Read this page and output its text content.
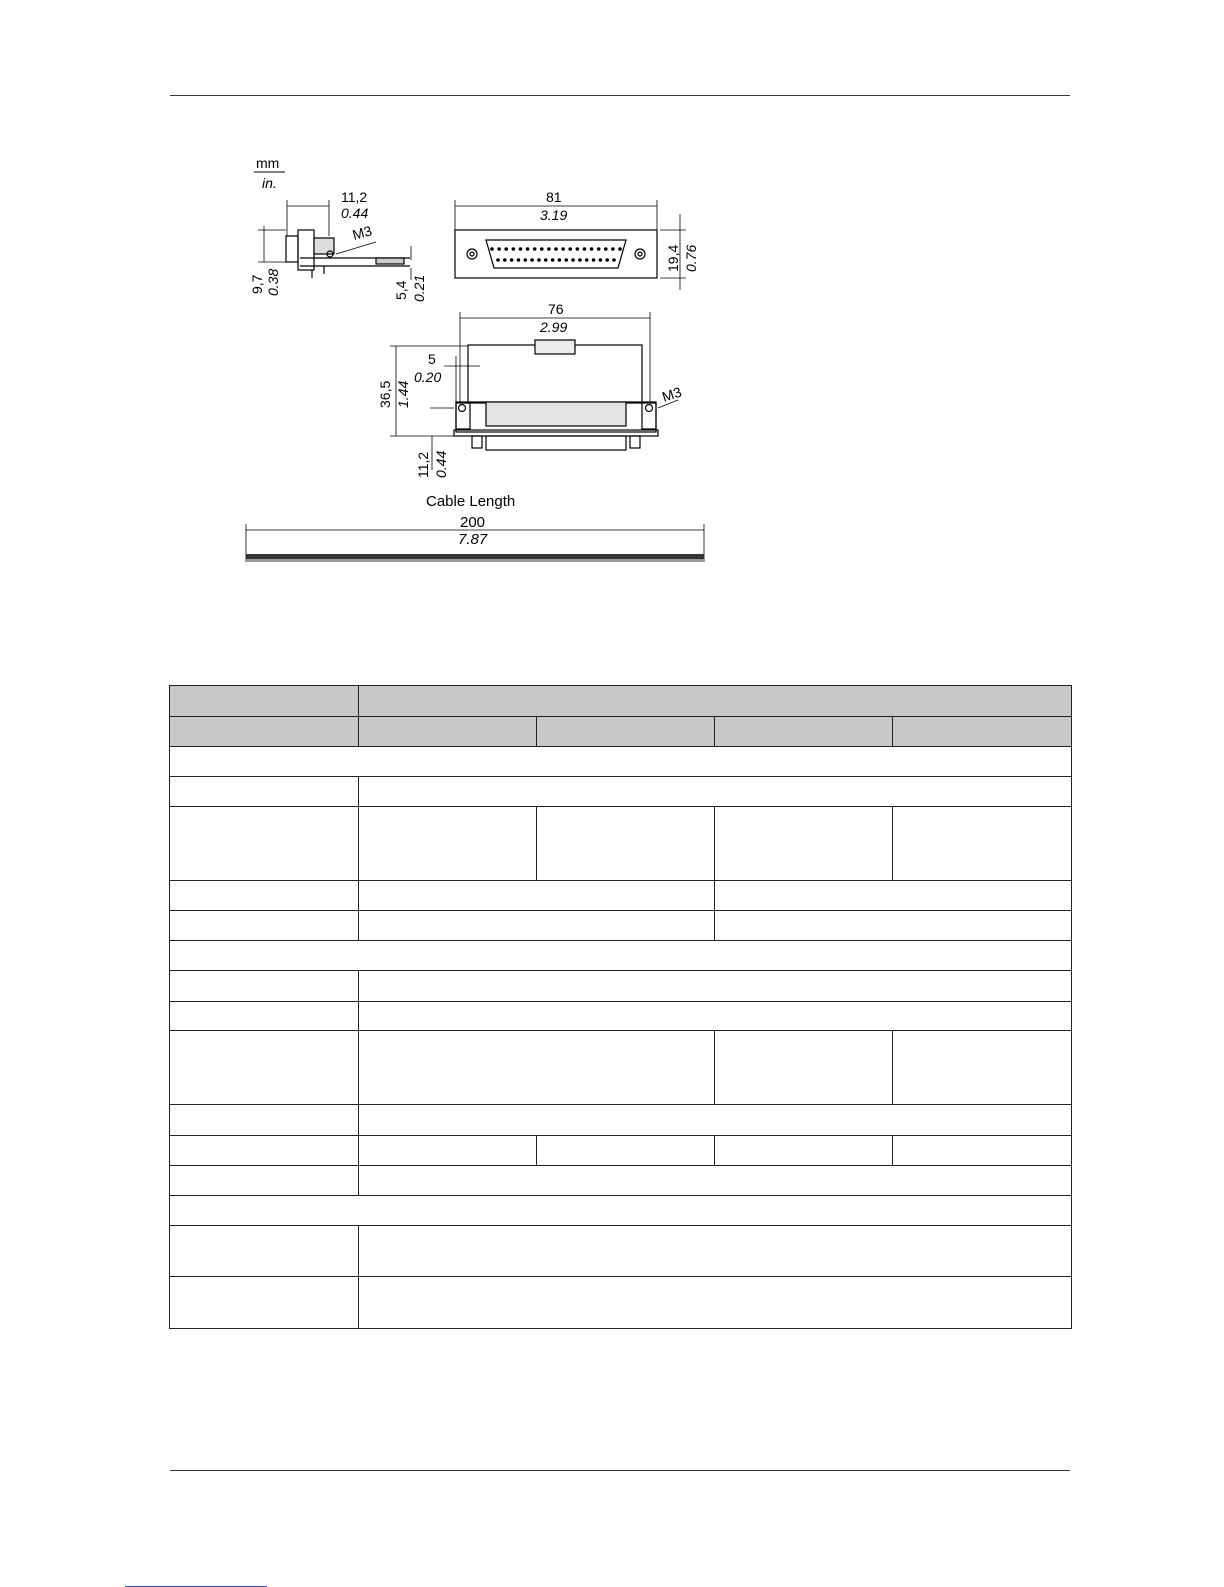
mm
in.
11,2
0.44
M3
9,7 0.38	5,4 0.21
81
3.19
19,4 0.76
76
2.99
5
0.20
36,5 1.44
11,2 0.44
M3
Cable Length
200
7.87
